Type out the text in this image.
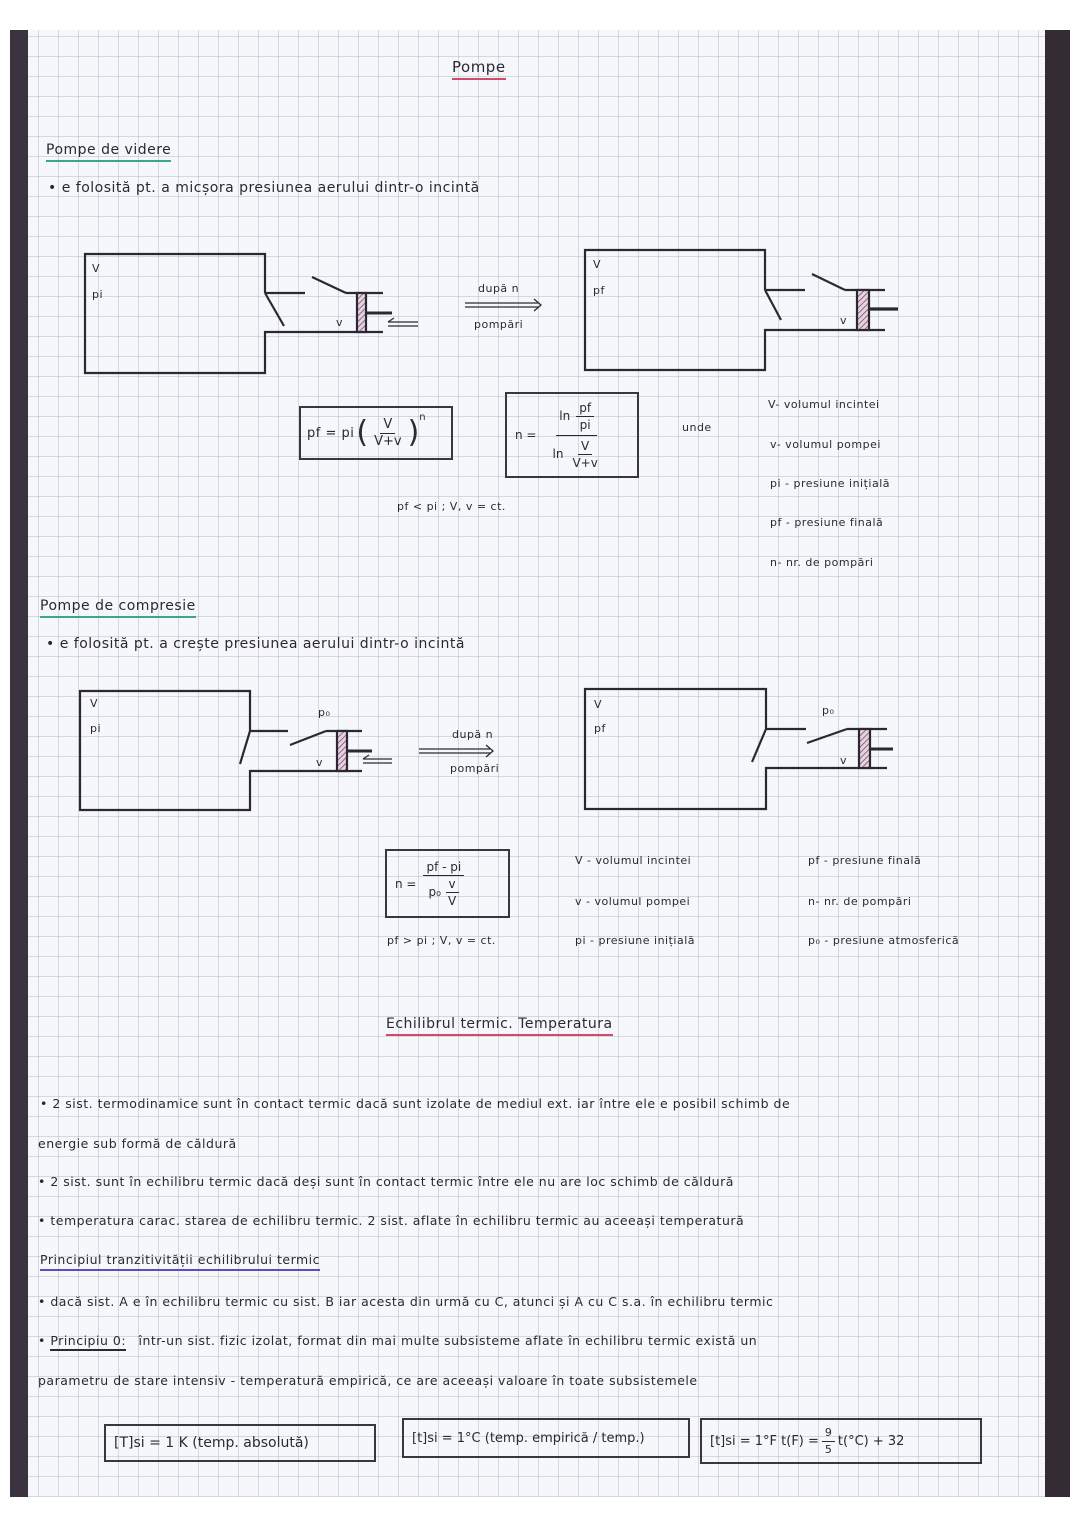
Pompe
Pompe de videre
• e folosită pt. a micșora presiunea aerului dintr-o incintă
V
pi
v
după n
pompări
V
pf
v
pf = pi ( $\frac{V}{V+v} )^n$
$n = \frac{\ln \frac{pf}{pi}}{\ln \frac{V}{V+v}}$	unde
pf < pi ; V, v = ct.
V- volumul incintei
v- volumul pompei
pi - presiune inițială
pf - presiune finală
n- nr. de pompări
Pompe de compresie
• e folosită pt. a crește presiunea aerului dintr-o incintă
V
pi
p₀
v
după n
pompări
V
pf
p₀
v
$n = \frac{pf - pi}{p_0 \frac{v}{V}}$
pf > pi ; V, v = ct.
V - volumul incintei
v - volumul pompei
pi - presiune inițială
pf - presiune finală
n- nr. de pompări
p₀ - presiune atmosferică
Echilibrul termic. Temperatura
• 2 sist. termodinamice sunt în contact termic dacă sunt izolate de mediul ext. iar între ele e posibil schimb de
energie sub formă de căldură
• 2 sist. sunt în echilibru termic dacă deși sunt în contact termic între ele nu are loc schimb de căldură
• temperatura carac. starea de echilibru termic. 2 sist. aflate în echilibru termic au aceeași temperatură
Principiul tranzitivității echilibrului termic
• dacă sist. A e în echilibru termic cu sist. B iar acesta din urmă cu C, atunci și A cu C s.a. în echilibru termic
• Principiu 0: într-un sist. fizic izolat, format din mai multe subsisteme aflate în echilibru termic există un
parametru de stare intensiv - temperatură empirică, ce are aceeași valoare în toate subsistemele
[T]si = 1 K (temp. absolută)	[t]si = 1°C (temp. empirică / temp.)	[t]si = 1°F $t(F) = \frac{9}{5} t(^\circ C) + 32$
